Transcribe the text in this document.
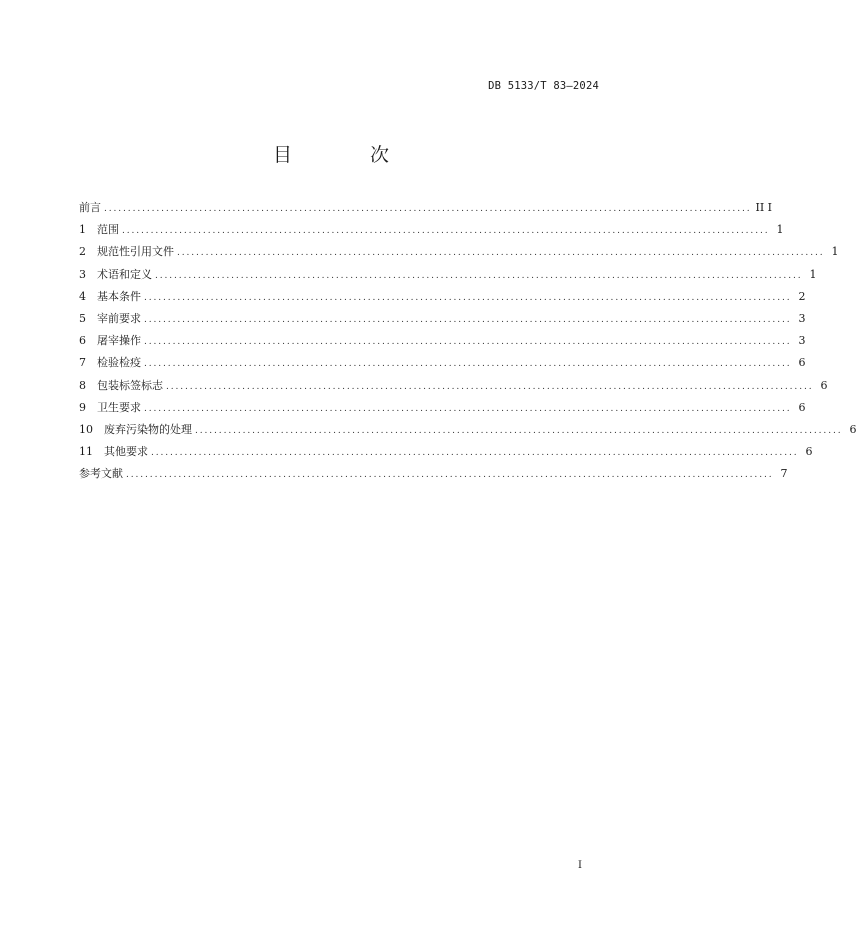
DB 5133/T 83—2024
目 次
前言 ........................................................................................................................................ II I
1	范围 ........................................................................................................................................ 1
2	规范性引用文件 ........................................................................................................................................ 1
3	术语和定义 ........................................................................................................................................ 1
4	基本条件 ........................................................................................................................................ 2
5	宰前要求 ........................................................................................................................................ 3
6	屠宰操作 ........................................................................................................................................ 3
7	检验检疫 ........................................................................................................................................ 6
8	包装标签标志 ........................................................................................................................................ 6
9	卫生要求 ........................................................................................................................................ 6
10	废弃污染物的处理 ........................................................................................................................................ 6
11	其他要求 ........................................................................................................................................ 6
参考文献 ........................................................................................................................................ 7
I
